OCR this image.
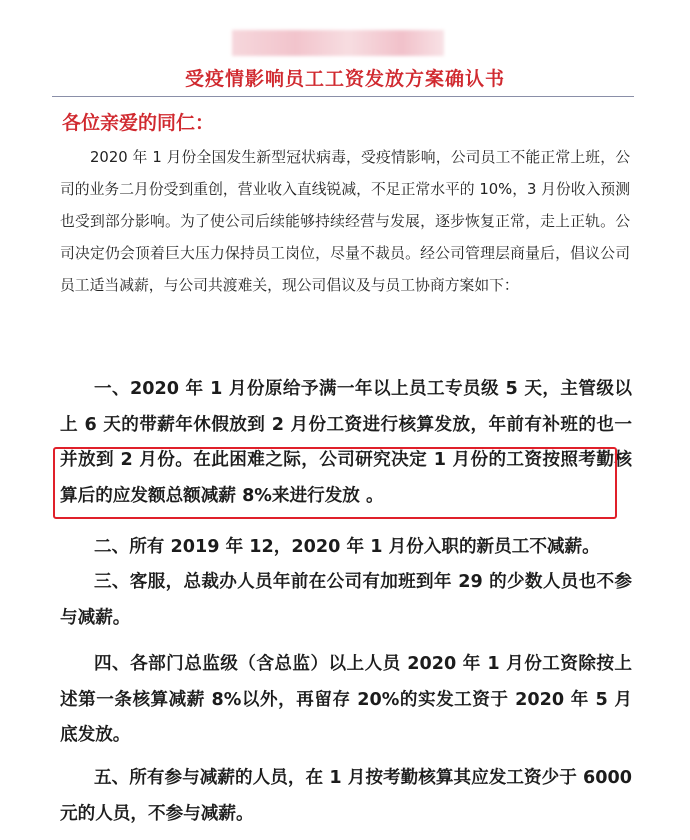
受疫情影响员工工资发放方案确认书
各位亲爱的同仁：
2020 年 1 月份全国发生新型冠状病毒，受疫情影响，公司员工不能正常上班，公司的业务二月份受到重创，营业收入直线锐减，不足正常水平的 10%，3 月份收入预测也受到部分影响。为了使公司后续能够持续经营与发展，逐步恢复正常，走上正轨。公司决定仍会顶着巨大压力保持员工岗位，尽量不裁员。经公司管理层商量后，倡议公司员工适当减薪，与公司共渡难关，现公司倡议及与员工协商方案如下：
一、2020 年 1 月份原给予满一年以上员工专员级 5 天，主管级以上 6 天的带薪年休假放到 2 月份工资进行核算发放，年前有补班的也一并放到 2 月份。在此困难之际，公司研究决定 1 月份的工资按照考勤核算后的应发额总额减薪 8%来进行发放 。
二、所有 2019 年 12，2020 年 1 月份入职的新员工不减薪。
三、客服，总裁办人员年前在公司有加班到年 29 的少数人员也不参与减薪。
四、各部门总监级（含总监）以上人员 2020 年 1 月份工资除按上述第一条核算减薪 8%以外，再留存 20%的实发工资于 2020 年 5 月底发放。
五、所有参与减薪的人员，在 1 月按考勤核算其应发工资少于 6000 元的人员，不参与减薪。
